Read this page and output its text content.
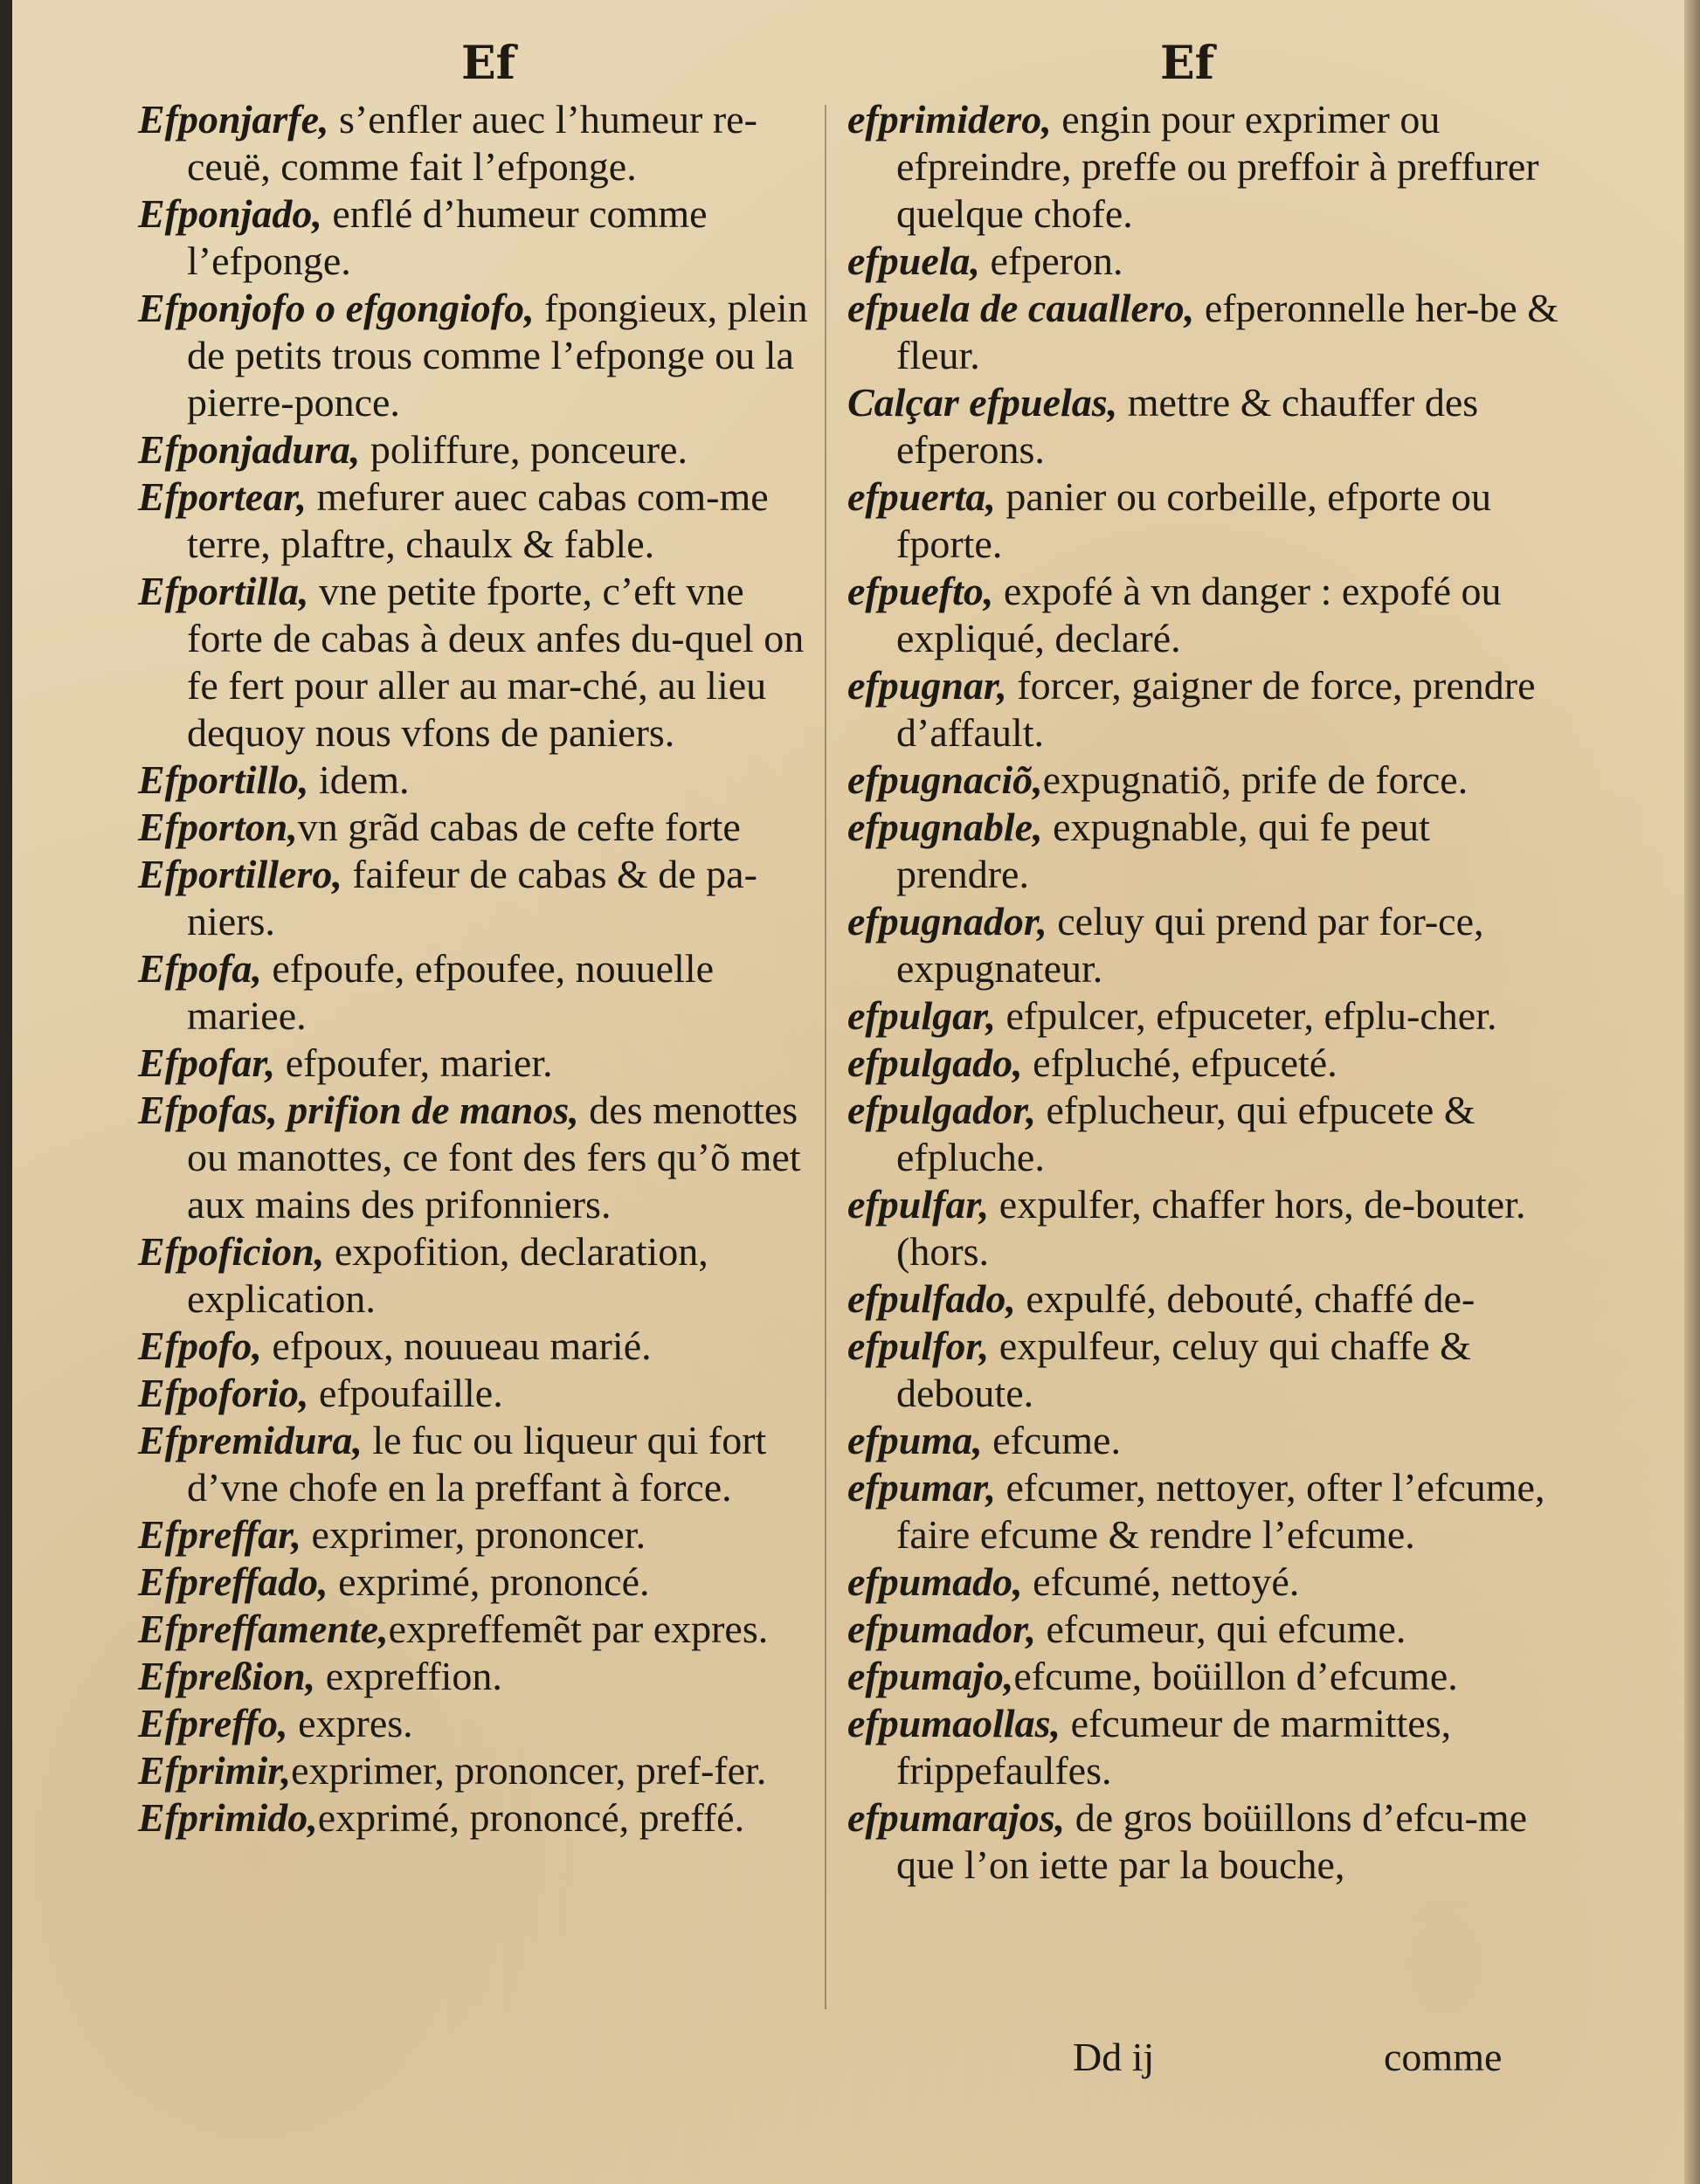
Ef	Ef

Efponjarfe, s’enfler auec l’humeur re-ceuë, comme fait l’efponge.

Efponjado, enflé d’humeur comme l’efponge.

Efponjofo o efgongiofo, fpongieux, plein de petits trous comme l’efponge ou la pierre-ponce.

Efponjadura, poliffure, ponceure.

Efportear, mefurer auec cabas com-me terre, plaftre, chaulx & fable.

Efportilla, vne petite fporte, c’eft vne forte de cabas à deux anfes du-quel on fe fert pour aller au mar-ché, au lieu dequoy nous vfons de paniers.

Efportillo, idem.

Efporton,vn grãd cabas de cefte forte

Efportillero, faifeur de cabas & de pa-niers.

Efpofa, efpoufe, efpoufee, nouuelle mariee.

Efpofar, efpoufer, marier.

Efpofas, prifion de manos, des menottes ou manottes, ce font des fers qu’õ met aux mains des prifonniers.

Efpoficion, expofition, declaration, explication.

Efpofo, efpoux, nouueau marié.

Efpoforio, efpoufaille.

Efpremidura, le fuc ou liqueur qui fort d’vne chofe en la preffant à force.

Efpreffar, exprimer, prononcer.

Efpreffado, exprimé, prononcé.

Efpreffamente,expreffemẽt par expres.

Efpreßion, expreffion.

Efpreffo, expres.

Efprimir,exprimer, prononcer, pref-fer.

Efprimido,exprimé, prononcé, preffé.

efprimidero, engin pour exprimer ou efpreindre, preffe ou preffoir à preffurer quelque chofe.

efpuela, efperon.

efpuela de cauallero, efperonnelle her-be & fleur.

Calçar efpuelas, mettre & chauffer des efperons.

efpuerta, panier ou corbeille, efporte ou fporte.

efpuefto, expofé à vn danger : expofé ou expliqué, declaré.

efpugnar, forcer, gaigner de force, prendre d’affault.

efpugnaciõ,expugnatiõ, prife de force.

efpugnable, expugnable, qui fe peut prendre.

efpugnador, celuy qui prend par for-ce, expugnateur.

efpulgar, efpulcer, efpuceter, efplu-cher.

efpulgado, efpluché, efpuceté.

efpulgador, efplucheur, qui efpucete & efpluche.

efpulfar, expulfer, chaffer hors, de-bouter. (hors.

efpulfado, expulfé, debouté, chaffé de-

efpulfor, expulfeur, celuy qui chaffe & deboute.

efpuma, efcume.

efpumar, efcumer, nettoyer, ofter l’efcume, faire efcume & rendre l’efcume.

efpumado, efcumé, nettoyé.

efpumador, efcumeur, qui efcume.

efpumajo,efcume, boüillon d’efcume.

efpumaollas, efcumeur de marmittes, frippefaulfes.

efpumarajos, de gros boüillons d’efcu-me que l’on iette par la bouche,

Dd ij	comme
